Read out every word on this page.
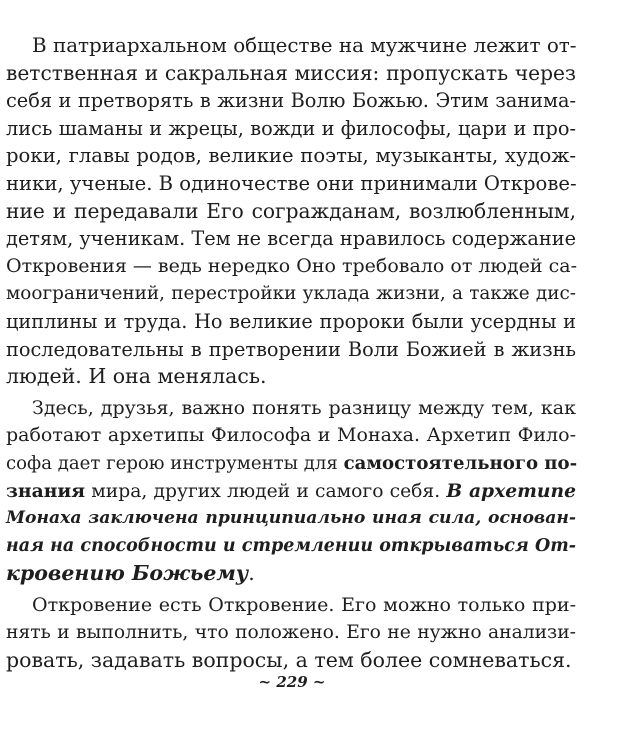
В патриархальном обществе на мужчине лежит от-
ветственная и сакральная миссия: пропускать через
себя и претворять в жизни Волю Божью. Этим занима-
лись шаманы и жрецы, вожди и философы, цари и про-
роки, главы родов, великие поэты, музыканты, худож-
ники, ученые. В одиночестве они принимали Открове-
ние и передавали Его согражданам, возлюбленным,
детям, ученикам. Тем не всегда нравилось содержание
Откровения — ведь нередко Оно требовало от людей са-
моограничений, перестройки уклада жизни, а также дис-
циплины и труда. Но великие пророки были усердны и
последовательны в претворении Воли Божией в жизнь
людей. И она менялась.
Здесь, друзья, важно понять разницу между тем, как
работают архетипы Философа и Монаха. Архетип Фило-
софа дает герою инструменты для самостоятельного по-
знания мира, других людей и самого себя. В архетипе
Монаха заключена принципиально иная сила, основан-
ная на способности и стремлении открываться От-
кровению Божьему.
Откровение есть Откровение. Его можно только при-
нять и выполнить, что положено. Его не нужно анализи-
ровать, задавать вопросы, а тем более сомневаться.
~ 229 ~
